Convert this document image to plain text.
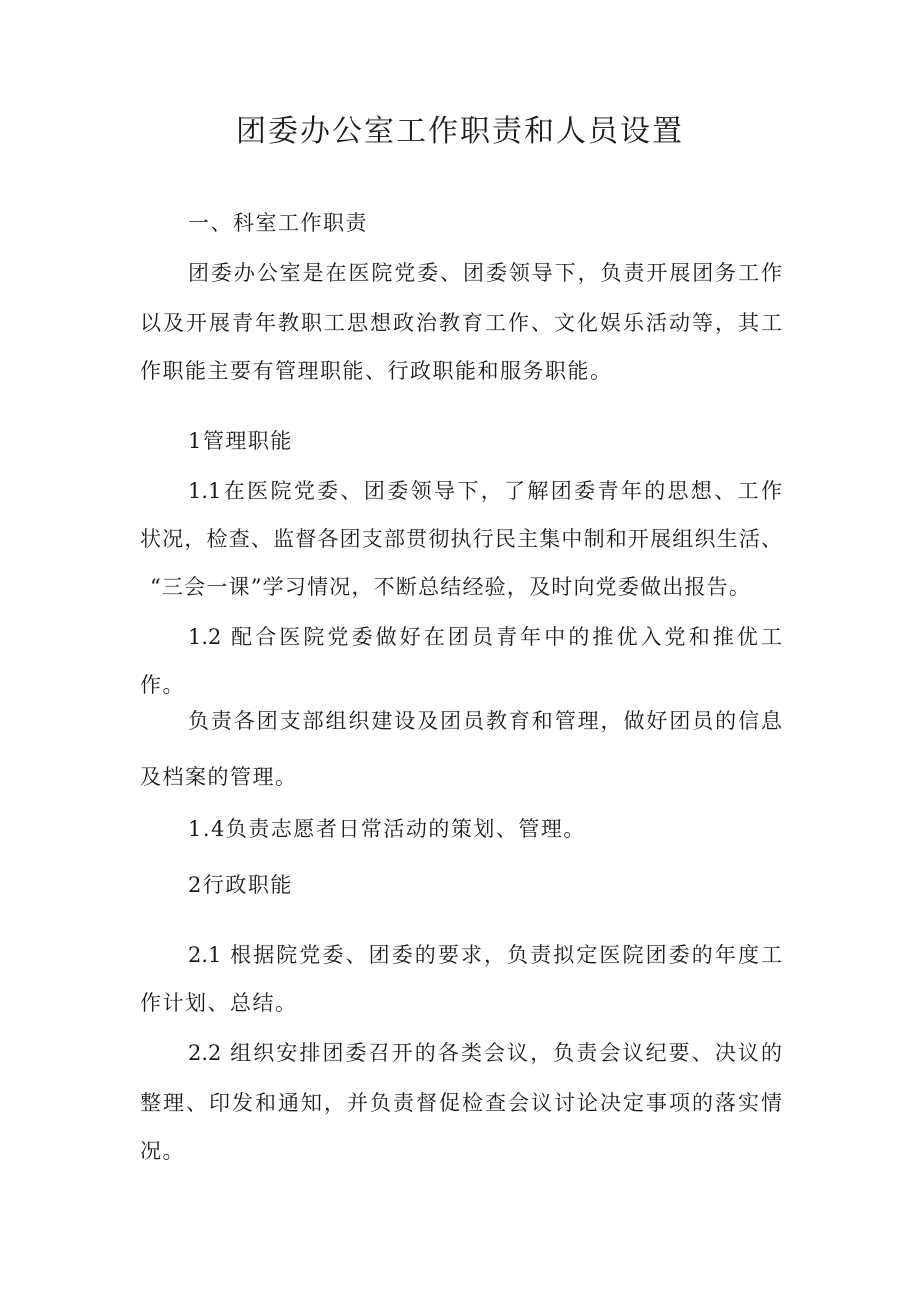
团委办公室工作职责和人员设置
一、科室工作职责
团委办公室是在医院党委、团委领导下，负责开展团务工作
以及开展青年教职工思想政治教育工作、文化娱乐活动等，其工
作职能主要有管理职能、行政职能和服务职能。
1管理职能
1.1在医院党委、团委领导下，了解团委青年的思想、工作
状况，检查、监督各团支部贯彻执行民主集中制和开展组织生活、
“三会一课”学习情况，不断总结经验，及时向党委做出报告。
1.2 配合医院党委做好在团员青年中的推优入党和推优工
作。
负责各团支部组织建设及团员教育和管理，做好团员的信息
及档案的管理。
1.4负责志愿者日常活动的策划、管理。
2行政职能
2.1 根据院党委、团委的要求，负责拟定医院团委的年度工
作计划、总结。
2.2 组织安排团委召开的各类会议，负责会议纪要、决议的
整理、印发和通知，并负责督促检查会议讨论决定事项的落实情
况。
